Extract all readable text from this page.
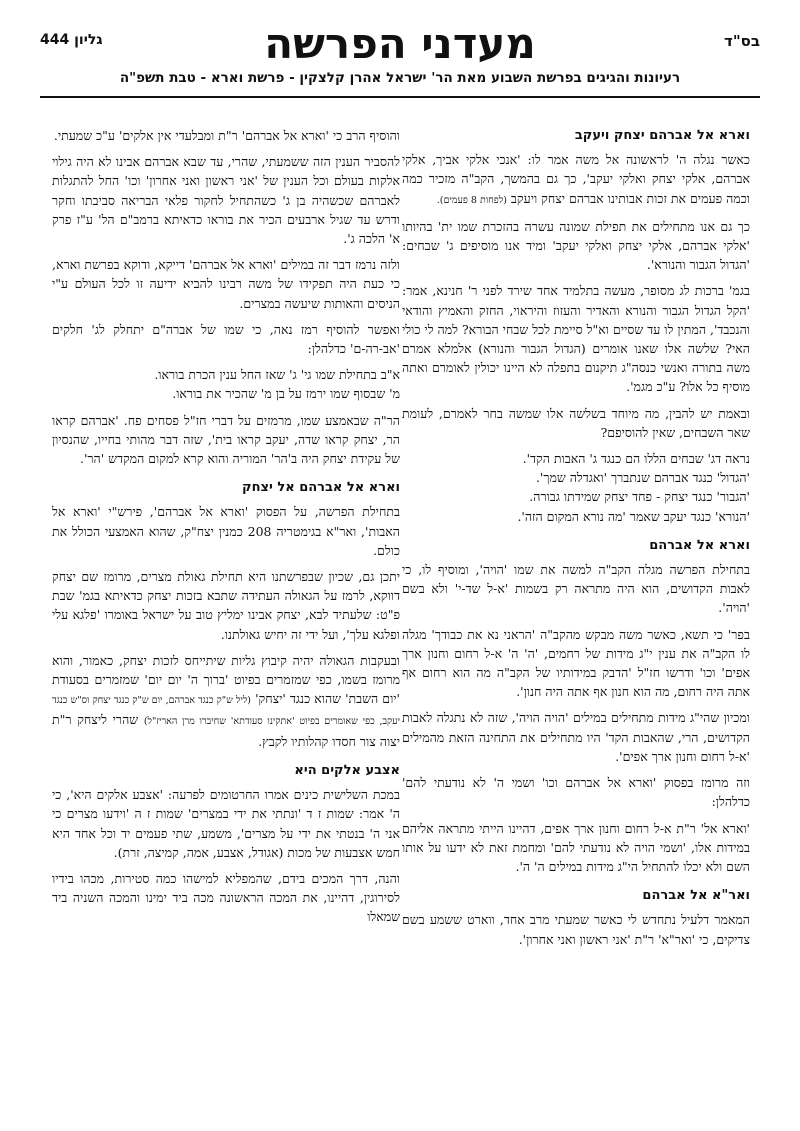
בס"ד
מעדני הפרשה
גליון 444
רעיונות והגיגים בפרשת השבוע מאת הר' ישראל אהרן קלצקין - פרשת וארא - טבת תשפ"ה
וארא אל אברהם יצחק ויעקב

כאשר נגלה ה' לראשונה אל משה אמר לו: 'אנכי אלקי אביך, אלקי אברהם, אלקי יצחק ואלקי יעקב', כך גם בהמשך, הקב"ה מזכיר כמה וכמה פעמים את זכות אבותינו אברהם יצחק ויעקב (לפחות 8 פעמים).

כך גם אנו מתחילים את תפילת שמונה עשרה בהזכרת שמו ית' בהיותו 'אלקי אברהם, אלקי יצחק ואלקי יעקב' ומיד אנו מוסיפים ג' שבחים: 'הגדול הגבור והנורא'.

בגמ' ברכות לג מסופר, מעשה בתלמיד אחד שירד לפני ר' חנינא, אמר: 'הקל הגדול הגבור והנורא והאדיר והעזוז והיראוי, החזק והאמיץ והודאי והנכבד', המתין לו עד שסיים וא"ל סיימת לכל שבחי הבורא? למה לי כולי האי? שלשה אלו שאנו אומרים (הגדול הגבור והנורא) אלמלא אמרם משה בתורה ואנשי כנסה"ג תיקנום בתפלה לא היינו יכולין לאומרם ואתה מוסיף כל אלו? ע"כ מגמ'.

ובאמת יש להבין, מה מיוחד בשלשה אלו שמשה בחר לאמרם, לעומת שאר השבחים, שאין להוסיפם?

נראה דג' שבחים הללו הם כנגד ג' האבות הקד'.
'הגדול' כנגד אברהם שנתברך 'ואגדלה שמך'.
'הגבור' כנגד יצחק - פחד יצחק שמידתו גבורה.
'הנורא' כנגד יעקב שאמר 'מה נורא המקום הזה'.

וארא אל אברהם

בתחילת הפרשה מגלה הקב"ה למשה את שמו 'הויה', ומוסיף לו, כי לאבות הקדושים, הוא היה מתראה רק בשמות 'א-ל שד-י' ולא בשם 'הויה'.

בפר' כי תשא, כאשר משה מבקש מהקב"ה 'הראני נא את כבודך' מגלה לו הקב"ה את ענין י"ג מידות של רחמים, 'ה' ה' א-ל רחום וחנון ארך אפים' וכו' ודרשו חז"ל 'הדבק במידותיו של הקב"ה מה הוא רחום אף אתה היה רחום, מה הוא חנון אף אתה היה חנון'.

ומכיון שהי"ג מידות מתחילים במילים 'הויה הויה', שזה לא נתגלה לאבות הקדושים, הרי, שהאבות הקד' היו מתחילים את התחינה הזאת מהמילים 'א-ל רחום וחנון ארך אפים'.

וזה מרומז בפסוק 'וארא אל אברהם וכו' ושמי ה' לא נודעתי להם' כדלהלן:

'וארא אל' ר"ת א-ל רחום וחנון ארך אפים, דהיינו הייתי מתראה אליהם במידות אלו, 'ושמי הויה לא נודעתי להם' ומחמת זאת לא ידעו על אותו השם ולא יכלו להתחיל הי"ג מידות במילים ה' ה'.

ואר"א אל אברהם

המאמר דלעיל נתחדש לי כאשר שמעתי מרב אחד, ווארט ששמע בשם צדיקים, כי 'ואר"א' ר"ת 'אני ראשון ואני אחרון'.

והוסיף הרב כי 'וארא אל אברהם' ר"ת ומבלעדי אין אלקים' ע"כ שמעתי.

להסביר הענין הזה ששמעתי, שהרי, עד שבא אברהם אבינו לא היה גילוי אלקות בעולם וכל הענין של 'אני ראשון ואני אחרון' וכו' החל להתגלות לאברהם שכשהיה בן ג' כשהתחיל לחקור פלאי הבריאה סביבתו וחקר ודרש עד שגיל ארבעים הכיר את בוראו כדאיתא ברמב"ם הל' ע"ז פרק א' הלכה ג'.

ולזה נרמז דבר זה במילים 'וארא אל אברהם' דייקא, ודוקא בפרשת וארא, כי כעת היה תפקידו של משה רבינו להביא ידיעה זו לכל העולם ע"י הניסים והאותות שיעשה במצרים.

ואפשר להוסיף רמז נאה, כי שמו של אברה"ם יתחלק לג' חלקים 'אב-רה-ם' כדלהלן:

א"ב בתחילת שמו גי' ג' שאז החל ענין הכרת בוראו.
מ' שבסוף שמו ירמז על בן מ' שהכיר את בוראו.

הר"ה שבאמצע שמו, מרמזים על דברי חז"ל פסחים פח. 'אברהם קראו הר, יצחק קראו שדה, יעקב קראו בית', שזה דבר מהותי בחייו, שהנסיון של עקידת יצחק היה ב'הר' המוריה והוא קרא למקום המקדש 'הר'.

וארא אל אברהם אל יצחק

בתחילת הפרשה, על הפסוק 'וארא אל אברהם', פירש"י 'וארא אל האבות', ואר"א בגימטריה 208 כמנין יצח"ק, שהוא האמצעי הכולל את כולם.

יתכן גם, שכיון שבפרשתנו היא תחילת גאולת מצרים, מרומז שם יצחק דווקא, לרמז על הגאולה העתידה שתבא בזכות יצחק כדאיתא בגמ' שבת פ"ט: שלעתיד לבא, יצחק אבינו ימליץ טוב על ישראל באומרו 'פלגא עלי ופלגא עלך', ועל ידי זה יחיש גאולתנו.

ובעקבות הגאולה יהיה קיבוץ גליות שיתייחס לזכות יצחק, כאמור, והוא מרומז בשמו, כפי שמזמרים בפיוט 'ברוך ה' יום יום' שמזמרים בסעודת 'יום השבת' שהוא כנגד 'יצחק' (ליל ש"ק כנגד אברהם, יום ש"ק כנגד יצחק וס"ש כנגד יעקב, כפי שאומרים בפיוט 'אתקינו סעודתא' שחיברו מרן האריז"ל) שהרי ליצחק ר"ת יצוה צור חסדו קהלותיו לקבץ.

אצבע אלקים היא

במכת השלישית כינים אמרו החרטומים לפרעה: 'אצבע אלקים היא', כי ה' אמר: שמות ז ד 'ונתתי את ידי במצרים' שמות ז ה 'וידעו מצרים כי אני ה' בנטתי את ידי על מצרים', משמע, שתי פעמים יד וכל אחד היא חמש אצבעות של מכות (אגודל, אצבע, אמה, קמיצה, זרת).

והנה, דרך המכים בידם, שהמפליא למישהו כמה סטירות, מכהו בידיו לסירוגין, דהיינו, את המכה הראשונה מכה ביד ימינו והמכה השניה ביד שמאלו
